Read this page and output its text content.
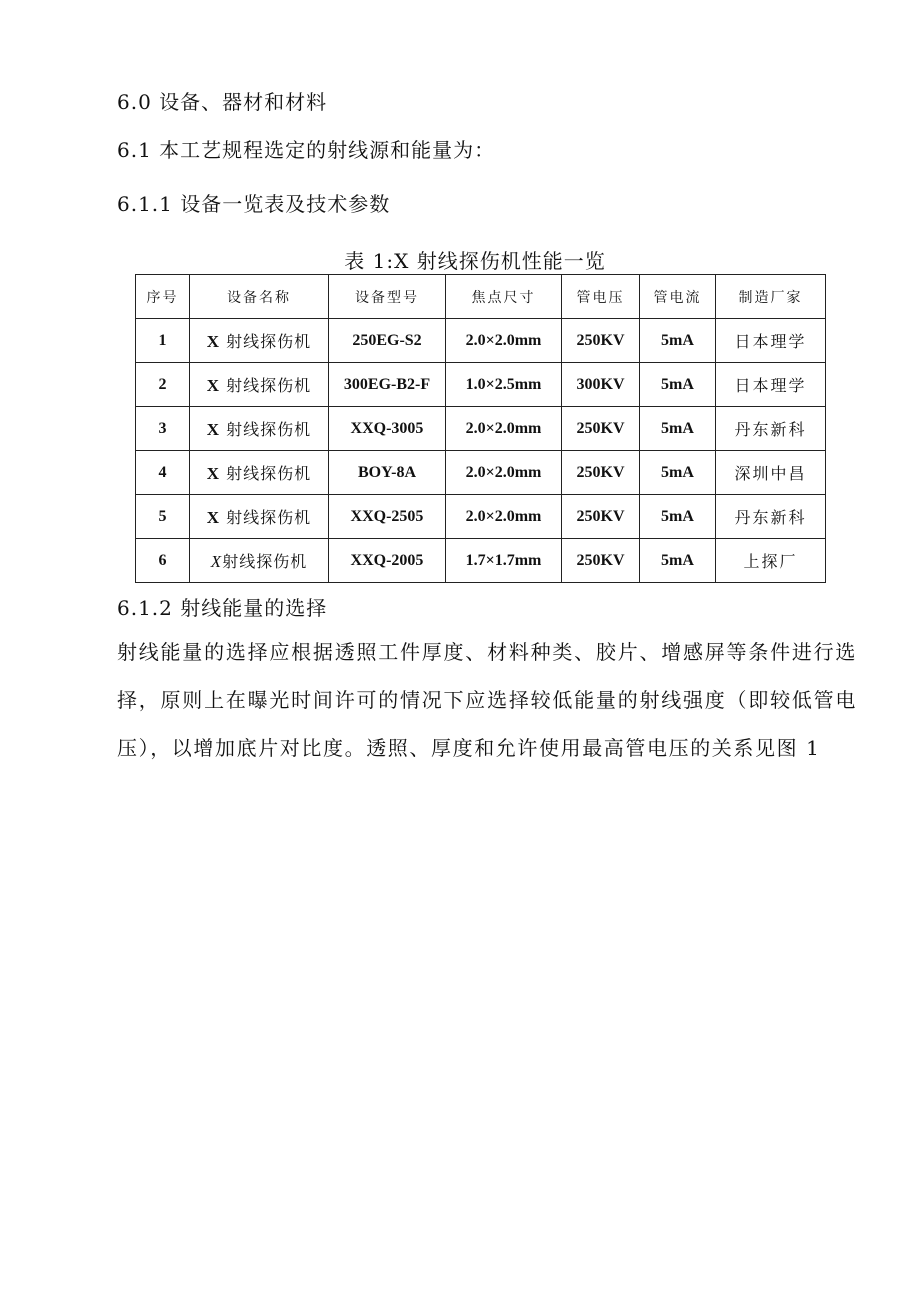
6.0 设备、器材和材料
6.1 本工艺规程选定的射线源和能量为：
6.1.1 设备一览表及技术参数
表 1:X 射线探伤机性能一览
序号	设备名称	设备型号	焦点尺寸	管电压	管电流	制造厂家
1	X 射线探伤机	250EG-S2	2.0×2.0mm	250KV	5mA	日本理学
2	X 射线探伤机	300EG-B2-F	1.0×2.5mm	300KV	5mA	日本理学
3	X 射线探伤机	XXQ-3005	2.0×2.0mm	250KV	5mA	丹东新科
4	X 射线探伤机	BOY-8A	2.0×2.0mm	250KV	5mA	深圳中昌
5	X 射线探伤机	XXQ-2505	2.0×2.0mm	250KV	5mA	丹东新科
6	X射线探伤机	XXQ-2005	1.7×1.7mm	250KV	5mA	上探厂
6.1.2 射线能量的选择
射线能量的选择应根据透照工件厚度、材料种类、胶片、增感屏等条件进行选择，原则上在曝光时间许可的情况下应选择较低能量的射线强度（即较低管电压），以增加底片对比度。透照、厚度和允许使用最高管电压的关系见图 1
